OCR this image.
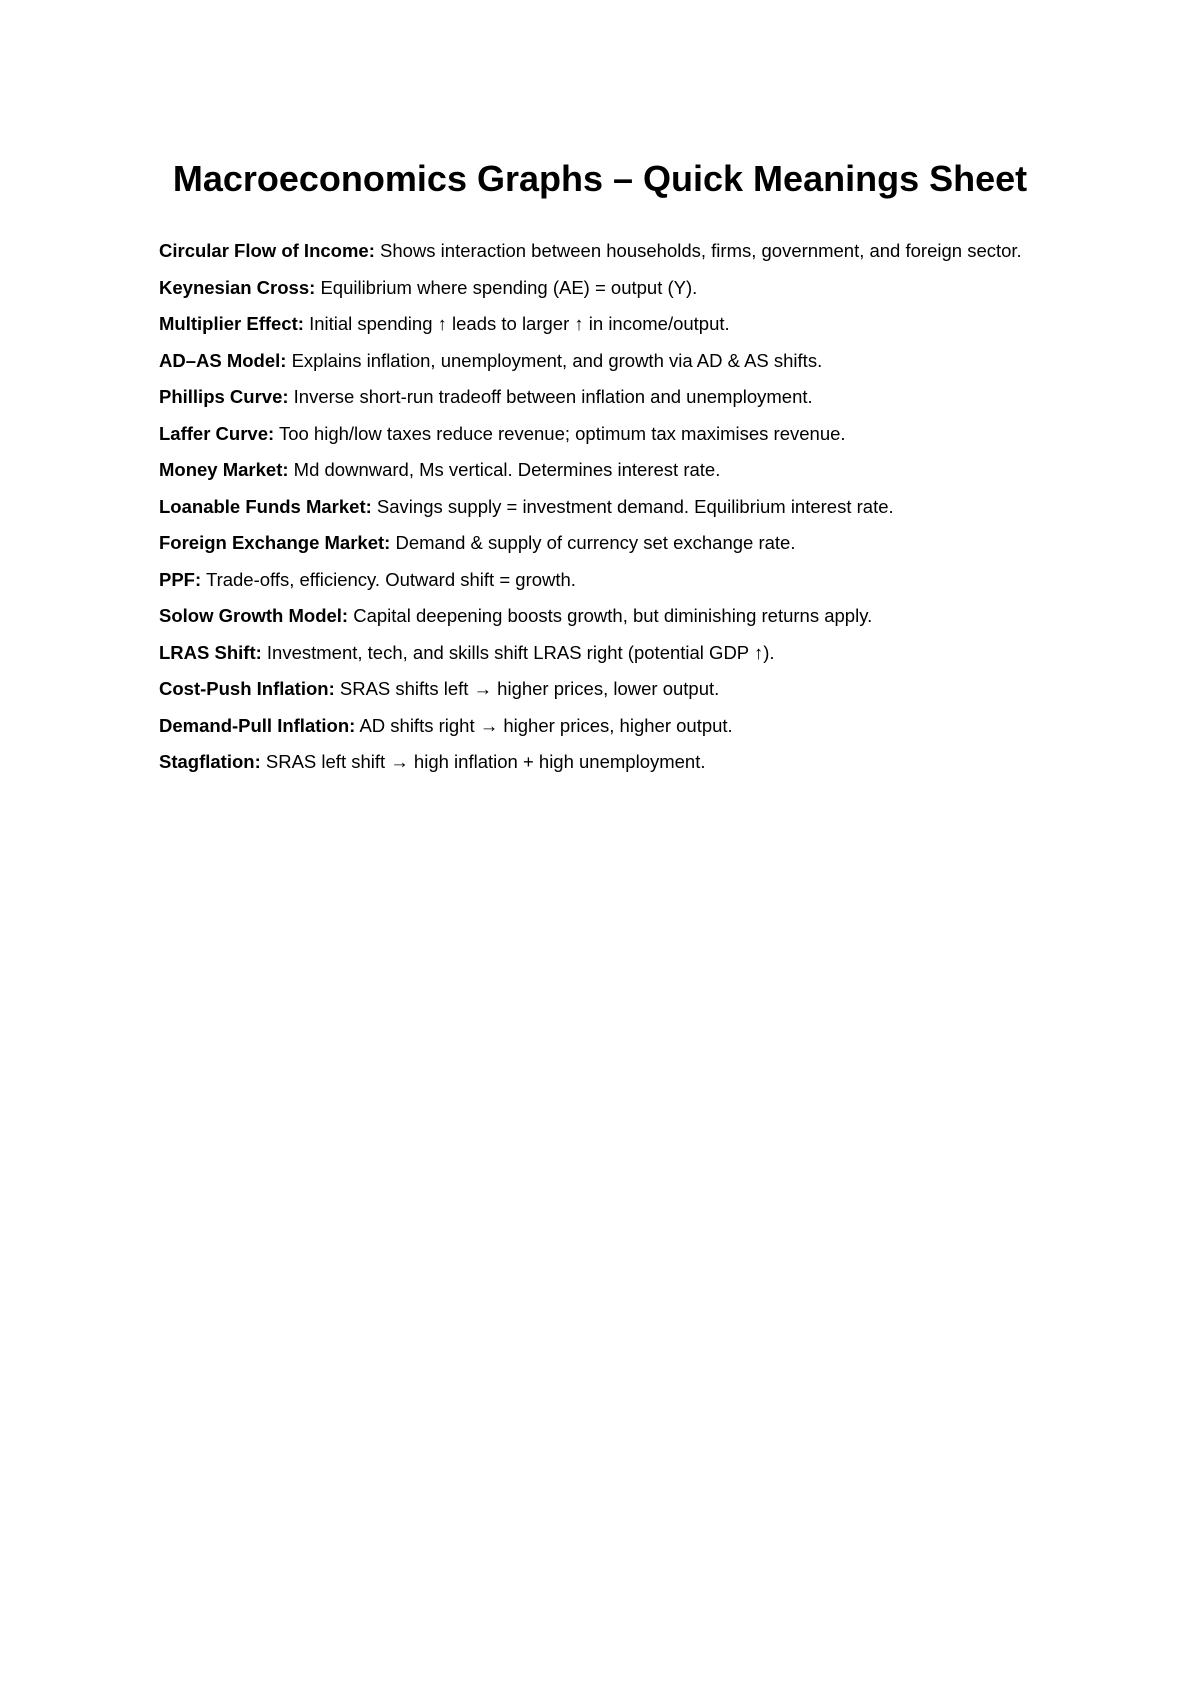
Macroeconomics Graphs – Quick Meanings Sheet
Circular Flow of Income: Shows interaction between households, firms, government, and foreign sector.
Keynesian Cross: Equilibrium where spending (AE) = output (Y).
Multiplier Effect: Initial spending ↑ leads to larger ↑ in income/output.
AD–AS Model: Explains inflation, unemployment, and growth via AD & AS shifts.
Phillips Curve: Inverse short-run tradeoff between inflation and unemployment.
Laffer Curve: Too high/low taxes reduce revenue; optimum tax maximises revenue.
Money Market: Md downward, Ms vertical. Determines interest rate.
Loanable Funds Market: Savings supply = investment demand. Equilibrium interest rate.
Foreign Exchange Market: Demand & supply of currency set exchange rate.
PPF: Trade-offs, efficiency. Outward shift = growth.
Solow Growth Model: Capital deepening boosts growth, but diminishing returns apply.
LRAS Shift: Investment, tech, and skills shift LRAS right (potential GDP ↑).
Cost-Push Inflation: SRAS shifts left → higher prices, lower output.
Demand-Pull Inflation: AD shifts right → higher prices, higher output.
Stagflation: SRAS left shift → high inflation + high unemployment.
